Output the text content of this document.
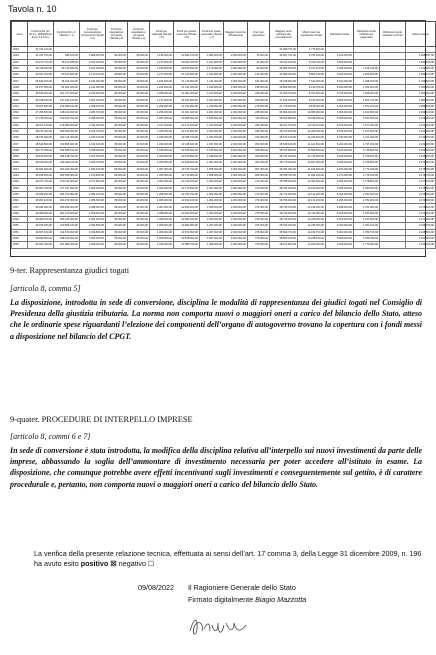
Tavola n. 10
Anno	Fondi iscritti (ex art.4 L. 30/03/Pieno di ex. 6.6.9 ss.)	Fondi iscritti L.F. (Tavola n. 1)	Fondi per remunerazione componenti (Tavola n.2)	Fondi per integrazione compensi (Tavola n.3)	Fondi per aspettative e compensi (Tavola n.4)	Fondi per indennità (Tavola n.5)	Fondi per gettoni presenza (Tavola n.6)	Fondi per spese personale (Tavola n.7)	Maggiori oneri da reclutamento	Oneri per assunzioni	Maggiori oneri derivanti dai provvedimenti	Minori oneri per cessazione Giudici	Riduzione fondo	Riduzione fondo richiesto per pagamenti	Riduzione fondo esistente al 31/12	Utilizzo risorse
2022	30.733.213,06										34.059.731,69	1.779.500,00				
2023	31.447.700,00	995.100,00	1.989.900,00	89.000,00	29.000,00	1.146.000,00	20.664.700,00	1.084.000,00	2.000.000,00	16.000,00	34.927.701,00	3.751.100,00	4.100.000,00			1.428.817,00
2024	32.272.700,00	16.672.485,00	2.021.400,00	89.000,00	29.000,00	1.137.000,00	20.811.700,00	1.101.000,00	2.000.000,00	41.000,00	35.212.100,00	5.314.700,00	4.560.000,00			1.534.100,00
2025	33.118.200,00	33.749.483,00	2.041.000,00	89.000,00	29.000,00	1.195.000,00	20.876.500,00	1.173.000,00	2.000.000,00	94.000,00	35.684.500,00	6.017.100,00	4.950.000,00	1.164.100,00		1.612.900,00
2026	33.811.400,00	50.971.800,00	2.170.100,00	89.000,00	29.000,00	1.217.000,00	21.013.500,00	1.193.000,00	2.000.000,00	132.000,00	36.089.300,00	6.852.100,00	5.200.000,00	1.252.800,00		1.692.100,00
2027	34.529.200,00	68.314.200,00	2.194.900,00	89.000,00	29.000,00	1.229.000,00	21.176.800,00	1.211.000,00	2.000.000,00	164.000,00	36.478.900,00	7.512.300,00	5.400.000,00	1.338.400,00		1.766.500,00
2028	35.157.800,00	84.902.300,00	2.214.300,00	89.000,00	29.000,00	1.244.000,00	21.314.200,00	1.229.000,00	2.000.000,00	198.000,00	36.863.500,00	8.130.700,00	5.600.000,00	1.402.600,00		1.841.200,00
2029	35.843.900,00	101.277.600,00	2.233.600,00	89.000,00	29.000,00	1.256.000,00	21.482.300,00	1.247.000,00	2.000.000,00	226.000,00	37.205.700,00	8.701.500,00	5.700.000,00	1.468.200,00		1.901.400,00
2030	36.418.200,00	117.341.100,00	2.251.400,00	89.000,00	29.000,00	1.271.000,00	21.641.800,00	1.262.000,00	2.000.000,00	253.000,00	37.512.900,00	9.214.000,00	5.800.000,00	1.521.700,00		1.957.300,00
2031	36.927.500,00	132.980.100,00	2.268.100,00	89.000,00	29.000,00	1.284.000,00	21.792.900,00	1.278.000,00	2.000.000,00	276.000,00	37.779.000,00	9.678.300,00	5.900.000,00	1.571.100,00		2.004.600,00
2032	37.356.800,00	148.100.300,00	2.283.700,00	89.000,00	29.000,00	1.296.000,00	21.931.600,00	1.291.000,00	2.000.000,00	295.000,00	38.004.600,00	10.083.900,00	6.000.000,00	1.612.800,00		2.044.100,00
2033	37.718.400,00	162.622.700,00	2.298.000,00	89.000,00	29.000,00	1.307.000,00	22.058.000,00	1.303.000,00	2.000.000,00	311.000,00	38.192.800,00	10.436.200,00	6.050.000,00	1.647.900,00		2.076.200,00
2034	38.021.100,00	176.486.500,00	2.311.000,00	89.000,00	29.000,00	1.317.000,00	22.172.300,00	1.313.000,00	2.000.000,00	324.000,00	38.347.700,00	10.742.100,00	6.100.000,00	1.677.200,00		2.102.400,00
2035	38.271.400,00	189.656.000,00	2.322.700,00	89.000,00	29.000,00	1.325.000,00	22.274.800,00	1.322.000,00	2.000.000,00	334.000,00	38.473.100,00	11.005.200,00	6.150.000,00	1.701.500,00		2.123.300,00
2036	38.476.000,00	202.114.300,00	2.333.100,00	89.000,00	29.000,00	1.333.000,00	22.365.700,00	1.330.000,00	2.000.000,00	343.000,00	38.572.100,00	11.230.600,00	6.180.000,00	1.721.300,00		2.139.700,00
2037	38.640.800,00	213.858.400,00	2.342.300,00	89.000,00	29.000,00	1.339.000,00	22.445.600,00	1.337.000,00	2.000.000,00	350.000,00	38.648.300,00	11.421.800,00	6.200.000,00	1.737.200,00		2.152.300,00
2038	38.771.200,00	224.895.100,00	2.350.400,00	89.000,00	29.000,00	1.345.000,00	22.515.300,00	1.343.000,00	2.000.000,00	356.000,00	38.704.800,00	11.582.500,00	6.220.000,00	1.749.800,00		2.161.600,00
2039	38.872.600,00	235.238.700,00	2.357.500,00	89.000,00	29.000,00	1.350.000,00	22.575.800,00	1.348.000,00	2.000.000,00	360.000,00	38.744.400,00	11.716.600,00	6.240.000,00	1.759.500,00		2.168.200,00
2040	38.949.500,00	244.909.100,00	2.363.700,00	89.000,00	29.000,00	1.354.000,00	22.628.000,00	1.352.000,00	2.000.000,00	364.000,00	38.770.000,00	11.827.900,00	6.250.000,00	1.766.800,00		2.172.600,00
2041	39.006.000,00	253.930.300,00	2.369.100,00	89.000,00	29.000,00	1.357.000,00	22.672.700,00	1.355.000,00	2.000.000,00	367.000,00	38.784.300,00	11.919.500,00	6.260.000,00	1.772.200,00		2.175.300,00
2042	39.045.600,00	262.328.900,00	2.373.800,00	89.000,00	29.000,00	1.360.000,00	22.710.800,00	1.358.000,00	2.000.000,00	369.000,00	38.789.700,00	11.994.200,00	6.270.000,00	1.776.100,00		2.176.700,00
2043	39.071.700,00	270.133.000,00	2.377.800,00	89.000,00	29.000,00	1.362.000,00	22.743.200,00	1.360.000,00	2.000.000,00	371.000,00	38.788.300,00	12.054.600,00	6.280.000,00	1.778.800,00		2.177.100,00
2044	39.087.400,00	277.371.600,00	2.381.200,00	89.000,00	29.000,00	1.364.000,00	22.770.600,00	1.362.000,00	2.000.000,00	372.000,00	38.781.900,00	12.102.900,00	6.285.000,00	1.780.500,00		2.176.800,00
2045	39.095.200,00	284.074.800,00	2.384.100,00	89.000,00	29.000,00	1.365.000,00	22.793.700,00	1.363.000,00	2.000.000,00	373.000,00	38.772.000,00	12.141.200,00	6.290.000,00	1.781.500,00		2.176.000,00
2046	39.097.100,00	290.273.000,00	2.386.500,00	89.000,00	29.000,00	1.366.000,00	22.813.100,00	1.364.000,00	2.000.000,00	374.000,00	38.759.900,00	12.171.100,00	6.295.000,00	1.781.900,00		2.174.900,00
2047	39.094.900,00	295.995.600,00	2.388.500,00	89.000,00	29.000,00	1.367.000,00	22.829.400,00	1.365.000,00	2.000.000,00	374.000,00	38.746.700,00	12.194.200,00	6.298.000,00	1.782.000,00		2.173.600,00
2048	39.089.900,00	301.270.600,00	2.390.200,00	89.000,00	29.000,00	1.368.000,00	22.843.000,00	1.366.000,00	2.000.000,00	375.000,00	38.733.000,00	12.211.900,00	6.300.000,00	1.781.800,00		2.172.300,00
2049	39.083.100,00	306.125.300,00	2.391.600,00	89.000,00	29.000,00	1.368.000,00	22.854.400,00	1.366.000,00	2.000.000,00	375.000,00	38.719.400,00	12.225.300,00	6.300.000,00	1.781.500,00		2.171.000,00
2050	39.075.300,00	310.586.100,00	2.392.800,00	89.000,00	29.000,00	1.369.000,00	22.863.900,00	1.367.000,00	2.000.000,00	376.000,00	38.706.200,00	12.235.300,00	6.300.000,00	1.781.100,00		2.169.700,00
2051	39.067.100,00	314.679.300,00	2.393.800,00	89.000,00	29.000,00	1.369.000,00	22.871.800,00	1.367.000,00	2.000.000,00	376.000,00	38.693.700,00	12.242.700,00	6.300.000,00	1.780.700,00		2.168.500,00
2052	39.059.000,00	318.430.600,00	2.394.600,00	89.000,00	29.000,00	1.369.000,00	22.878.300,00	1.367.000,00	2.000.000,00	376.000,00	38.682.200,00	12.248.100,00	6.300.000,00	1.780.300,00		2.167.400,00
2053	39.051.300,00	321.865.200,00	2.395.300,00	89.000,00	29.000,00	1.369.000,00	22.883.700,00	1.368.000,00	2.000.000,00	376.000,00	38.671.800,00	12.252.000,00	6.300.000,00	1.779.900,00		2.166.400,00
9-ter. Rappresentanza giudici togati
[articolo 8, comma 5]
La disposizione, introdotta in sede di conversione, disciplina le modalità di rappresentanza dei giudici togati nel Consiglio di Presidenza della giustizia tributaria. La norma non comporta nuovi o maggiori oneri a carico del bilancio dello Stato, atteso che le ordinarie spese riguardanti l’elezione dei componenti dell’organo di autogoverno trovano la copertura con i fondi messi a disposizione nel bilancio del CPGT.
9-quater. PROCEDURE DI INTERPELLO IMPRESE
[articolo 8, commi 6 e 7]
In sede di conversione è stata introdotta, la modifica della disciplina relativa all’interpello sui nuovi investimenti da parte delle imprese, abbassando la soglia dell’ammontare di investimento necessaria per poter accedere all’istituto in esame. La disposizione, che comunque potrebbe avere effetti incentivanti sugli investimenti e conseguentemente sul gettito, è di carattere procedurale e, pertanto, non comporta nuovi o maggiori oneri a carico del bilancio dello Stato.
La verifica della presente relazione tecnica, effettuata ai sensi dell’art. 17 comma 3, della Legge 31 dicembre 2009, n. 196 ha avuto esito positivo ☒ negativo ☐
09/08/2022 Il Ragioniere Generale dello Stato
Firmato digitalmente Biagio Mazzotta
